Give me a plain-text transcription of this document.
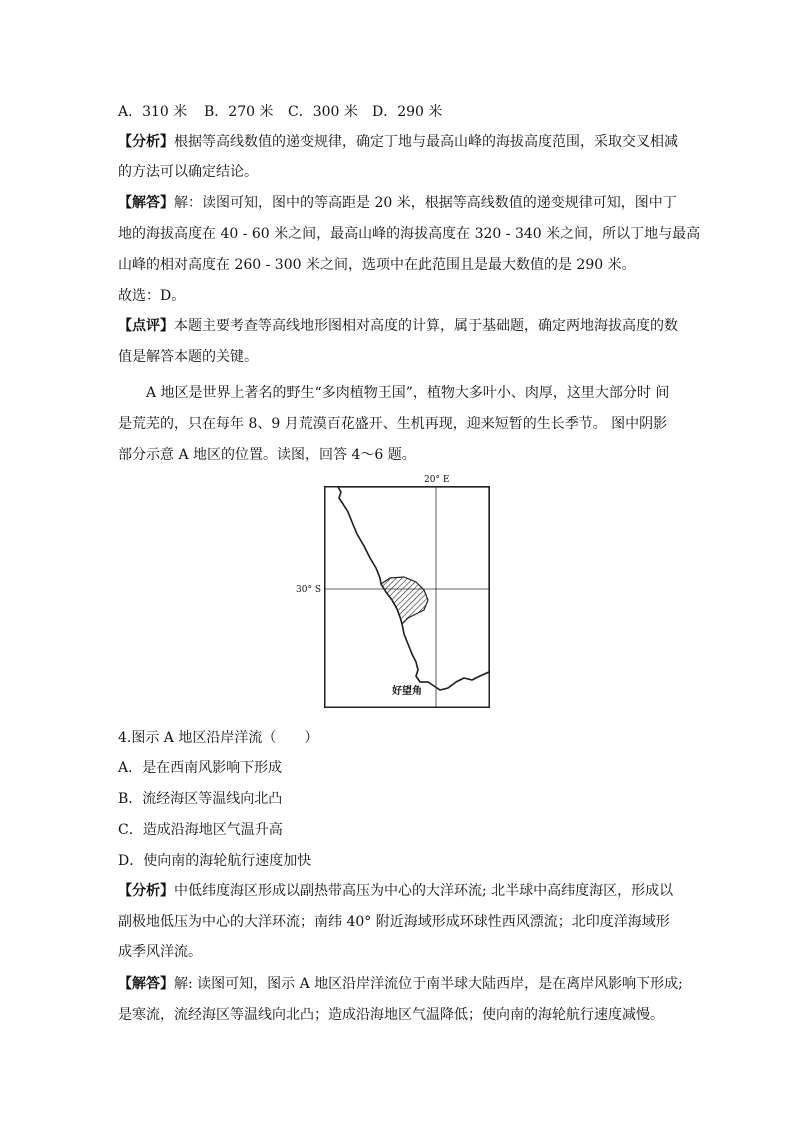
A．310 米 B．270 米 C．300 米 D．290 米
【分析】根据等高线数值的递变规律，确定丁地与最高山峰的海拔高度范围，采取交叉相减
的方法可以确定结论。
【解答】解：读图可知，图中的等高距是 20 米，根据等高线数值的递变规律可知，图中丁
地的海拔高度在 40 - 60 米之间，最高山峰的海拔高度在 320 - 340 米之间，所以丁地与最高
山峰的相对高度在 260 - 300 米之间，选项中在此范围且是最大数值的是 290 米。
故选：D。
【点评】本题主要考查等高线地形图相对高度的计算，属于基础题，确定两地海拔高度的数
值是解答本题的关键。
A 地区是世界上著名的野生“多肉植物王国”，植物大多叶小、肉厚，这里大部分时 间
是荒芜的，只在每年 8、9 月荒漠百花盛开、生机再现，迎来短暂的生长季节。 图中阴影
部分示意 A 地区的位置。读图，回答 4～6 题。
20° E
30° S
好望角
4.图示 A 地区沿岸洋流（　　）
A．是在西南风影响下形成
B．流经海区等温线向北凸
C．造成沿海地区气温升高
D．使向南的海轮航行速度加快
【分析】中低纬度海区形成以副热带高压为中心的大洋环流; 北半球中高纬度海区，形成以
副极地低压为中心的大洋环流；南纬 40° 附近海域形成环球性西风漂流；北印度洋海域形
成季风洋流。
【解答】解: 读图可知，图示 A 地区沿岸洋流位于南半球大陆西岸，是在离岸风影响下形成;
是寒流，流经海区等温线向北凸；造成沿海地区气温降低；使向南的海轮航行速度减慢。
